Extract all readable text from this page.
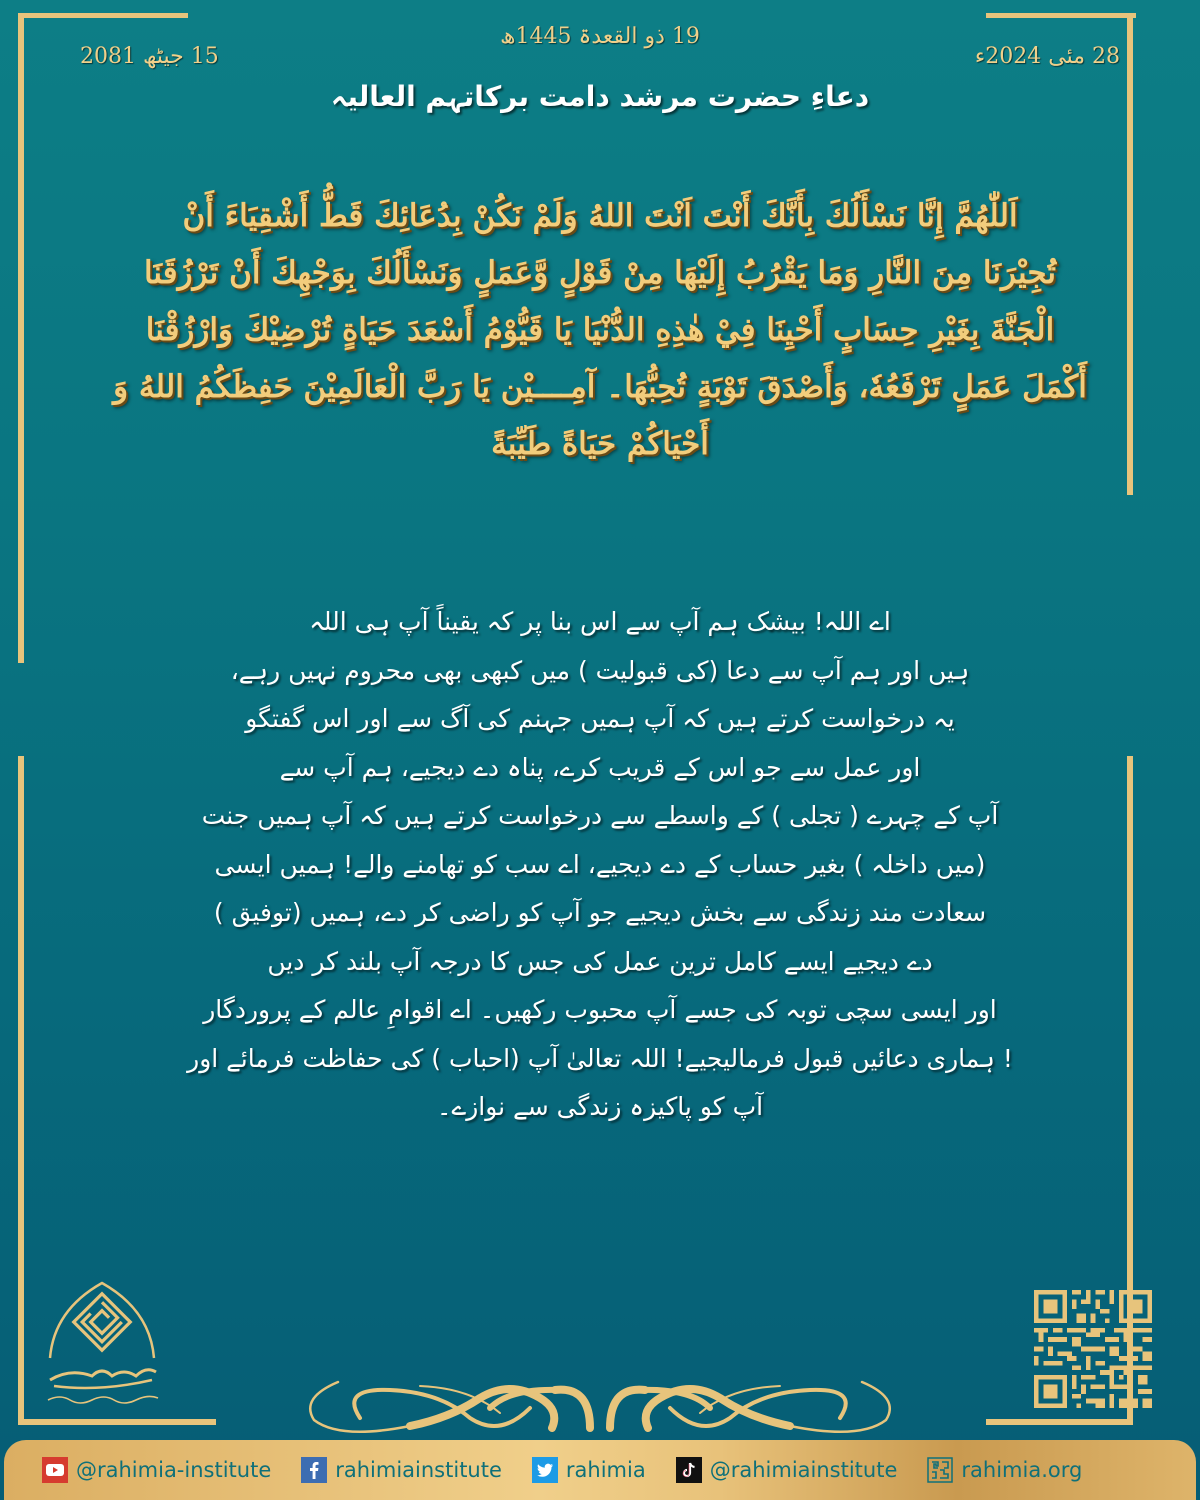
15 جیٹھ 2081
19 ذو القعدۃ 1445ھ
28 مئی 2024ء
دعاءِ حضرت مرشد دامت برکاتہم العالیہ
اَللّٰهُمَّ إِنَّا نَسْأَلُكَ بِأَنَّكَ أَنْتَ اَنْتَ اللهُ وَلَمْ نَكُنْ بِدُعَائِكَ قَطُّ أَشْقِيَاءَ أَنْ
تُجِيْرَنَا مِنَ النَّارِ وَمَا يَقْرُبُ إِلَيْهَا مِنْ قَوْلٍ وَّعَمَلٍ وَنَسْأَلُكَ بِوَجْهِكَ أَنْ تَرْزُقَنَا
الْجَنَّةَ بِغَيْرِ حِسَابٍ أَحْيِنَا فِيْ هٰذِهِ الدُّنْيَا يَا قَيُّوْمُ أَسْعَدَ حَيَاةٍ تُرْضِيْكَ وَارْزُقْنَا
أَكْمَلَ عَمَلٍ تَرْفَعُهٗ، وَأَصْدَقَ تَوْبَةٍ تُحِبُّهَا۔ آمِــــيْن يَا رَبَّ الْعَالَمِيْنَ حَفِظَكُمُ اللهُ وَ
أَحْيَاكُمْ حَيَاةً طَيِّبَةً
اے اللہ! بیشک ہم آپ سے اس بنا پر کہ یقیناً آپ ہی اللہ
ہیں اور ہم آپ سے دعا (کی قبولیت ) میں کبھی بھی محروم نہیں رہے،
یہ درخواست کرتے ہیں کہ آپ ہمیں جہنم کی آگ سے اور اس گفتگو
اور عمل سے جو اس کے قریب کرے، پناہ دے دیجیے، ہم آپ سے
آپ کے چہرے ( تجلی ) کے واسطے سے درخواست کرتے ہیں کہ آپ ہمیں جنت
(میں داخلہ ) بغیر حساب کے دے دیجیے، اے سب کو تھامنے والے! ہمیں ایسی
سعادت مند زندگی سے بخش دیجیے جو آپ کو راضی کر دے، ہمیں (توفیق )
دے دیجیے ایسے کامل ترین عمل کی جس کا درجہ آپ بلند کر دیں
اور ایسی سچی توبہ کی جسے آپ محبوب رکھیں۔ اے اقوامِ عالم کے پروردگار
! ہماری دعائیں قبول فرمالیجیے! اللہ تعالیٰ آپ (احباب ) کی حفاظت فرمائے اور
آپ کو پاکیزہ زندگی سے نوازے۔
@rahimia-institute	rahimiainstitute	rahimia	@rahimiainstitute	rahimia.org
